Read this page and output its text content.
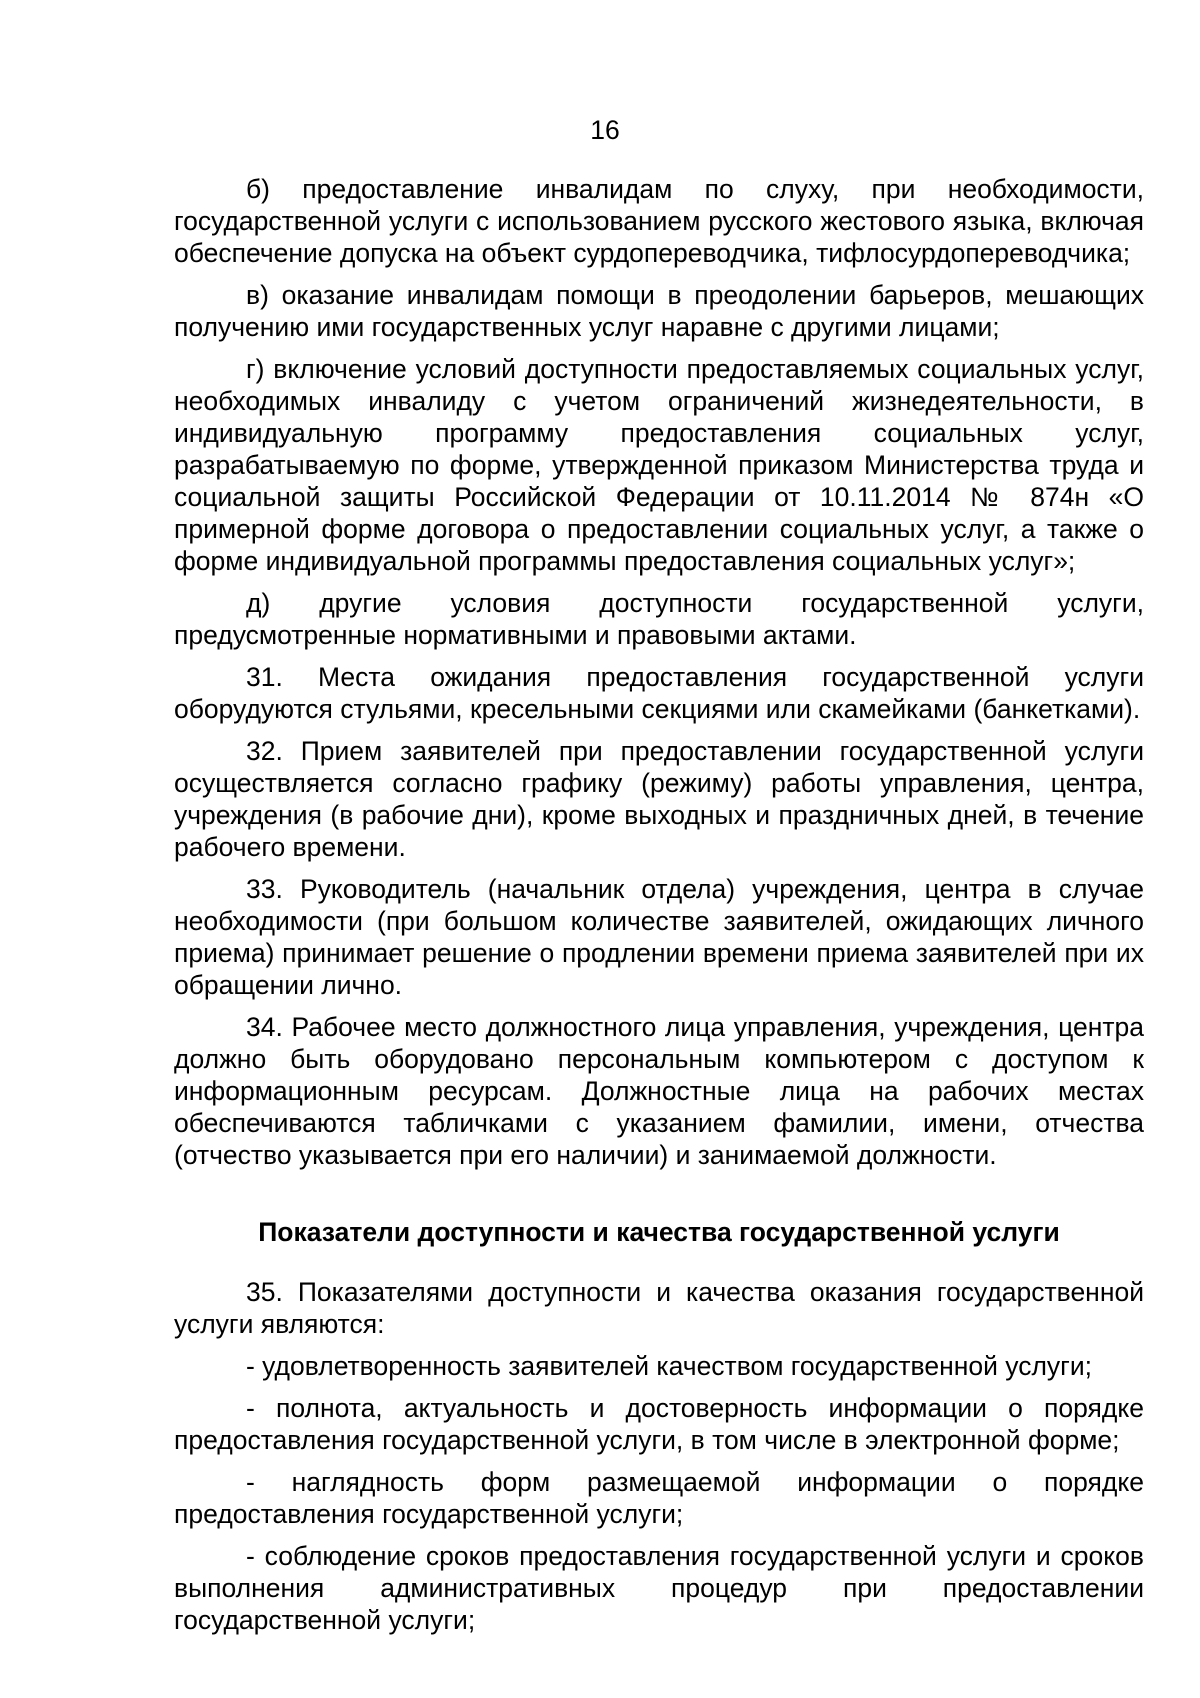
16

б) предоставление инвалидам по слуху, при необходимости, государственной услуги с использованием русского жестового языка, включая обеспечение допуска на объект сурдопереводчика, тифлосурдопереводчика;

в) оказание инвалидам помощи в преодолении барьеров, мешающих получению ими государственных услуг наравне с другими лицами;

г) включение условий доступности предоставляемых социальных услуг, необходимых инвалиду с учетом ограничений жизнедеятельности, в индивидуальную программу предоставления социальных услуг, разрабатываемую по форме, утвержденной приказом Министерства труда и социальной защиты Российской Федерации от 10.11.2014 № 874н «О примерной форме договора о предоставлении социальных услуг, а также о форме индивидуальной программы предоставления социальных услуг»;

д) другие условия доступности государственной услуги, предусмотренные нормативными и правовыми актами.

31. Места ожидания предоставления государственной услуги оборудуются стульями, кресельными секциями или скамейками (банкетками).

32. Прием заявителей при предоставлении государственной услуги осуществляется согласно графику (режиму) работы управления, центра, учреждения (в рабочие дни), кроме выходных и праздничных дней, в течение рабочего времени.

33. Руководитель (начальник отдела) учреждения, центра в случае необходимости (при большом количестве заявителей, ожидающих личного приема) принимает решение о продлении времени приема заявителей при их обращении лично.

34. Рабочее место должностного лица управления, учреждения, центра должно быть оборудовано персональным компьютером с доступом к информационным ресурсам. Должностные лица на рабочих местах обеспечиваются табличками с указанием фамилии, имени, отчества (отчество указывается при его наличии) и занимаемой должности.

Показатели доступности и качества государственной услуги

35. Показателями доступности и качества оказания государственной услуги являются:

- удовлетворенность заявителей качеством государственной услуги;

- полнота, актуальность и достоверность информации о порядке предоставления государственной услуги, в том числе в электронной форме;

- наглядность форм размещаемой информации о порядке предоставления государственной услуги;

- соблюдение сроков предоставления государственной услуги и сроков выполнения административных процедур при предоставлении государственной услуги;
